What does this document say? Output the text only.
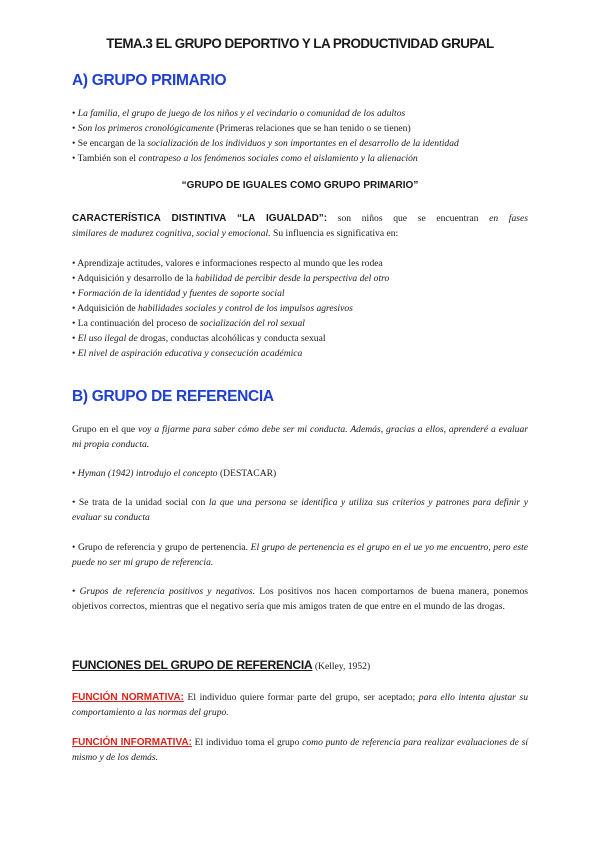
TEMA.3 EL GRUPO DEPORTIVO Y LA PRODUCTIVIDAD GRUPAL
A) GRUPO PRIMARIO
• La familia, el grupo de juego de los niños y el vecindario o comunidad de los adultos
• Son los primeros cronológicamente (Primeras relaciones que se han tenido o se tienen)
• Se encargan de la socialización de los individuos y son importantes en el desarrollo de la identidad
• También son el contrapeso a los fenómenos sociales como el aislamiento y la alienación
“GRUPO DE IGUALES COMO GRUPO PRIMARIO”
CARACTERÍSTICA DISTINTIVA “LA IGUALDAD”: son niños que se encuentran en fases
similares de madurez cognitiva, social y emocional. Su influencia es significativa en:
• Aprendizaje actitudes, valores e informaciones respecto al mundo que les rodea
• Adquisición y desarrollo de la habilidad de percibir desde la perspectiva del otro
• Formación de la identidad y fuentes de soporte social
• Adquisición de habilidades sociales y control de los impulsos agresivos
• La continuación del proceso de socialización del rol sexual
• El uso ilegal de drogas, conductas alcohólicas y conducta sexual
• El nivel de aspiración educativa y consecución académica
B) GRUPO DE REFERENCIA
Grupo en el que voy a fijarme para saber cómo debe ser mi conducta. Además, gracias a ellos, aprenderé a evaluar mi propia conducta.
• Hyman (1942) introdujo el concepto (DESTACAR)
• Se trata de la unidad social con la que una persona se identifica y utiliza sus criterios y patrones para definir y evaluar su conducta
• Grupo de referencia y grupo de pertenencia. El grupo de pertenencia es el grupo en el ue yo me encuentro, pero este puede no ser mi grupo de referencia.
• Grupos de referencia positivos y negativos. Los positivos nos hacen comportarnos de buena manera, ponemos objetivos correctos, mientras que el negativo sería que mis amigos traten de que entre en el mundo de las drogas.
FUNCIONES DEL GRUPO DE REFERENCIA (Kelley, 1952)
FUNCIÓN NORMATIVA: El individuo quiere formar parte del grupo, ser aceptado; para ello intenta ajustar su comportamiento a las normas del grupo.
FUNCIÓN INFORMATIVA: El individuo toma el grupo como punto de referencia para realizar evaluaciones de sí mismo y de los demás.
